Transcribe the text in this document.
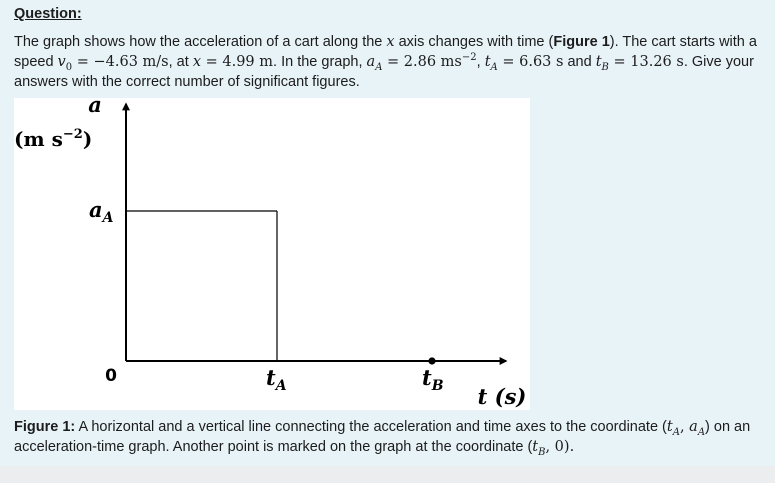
Question:
The graph shows how the acceleration of a cart along the x axis changes with time (Figure 1). The cart starts with a speed $v_0 = -4.63$ m/s, at x = 4.99 m. In the graph, $a_A = 2.86$ $ms^{-2}$, $t_A = 6.63$ s and $t_B = 13.26$ s. Give your answers with the correct number of significant figures.
a
(m $s^{-2}$)
$a_A$
0	$t_A$	$t_B$ t (s)
Figure 1: A horizontal and a vertical line connecting the acceleration and time axes to the coordinate ($t_A$, $a_A$) on an acceleration-time graph. Another point is marked on the graph at the coordinate ($t_B$, 0).
